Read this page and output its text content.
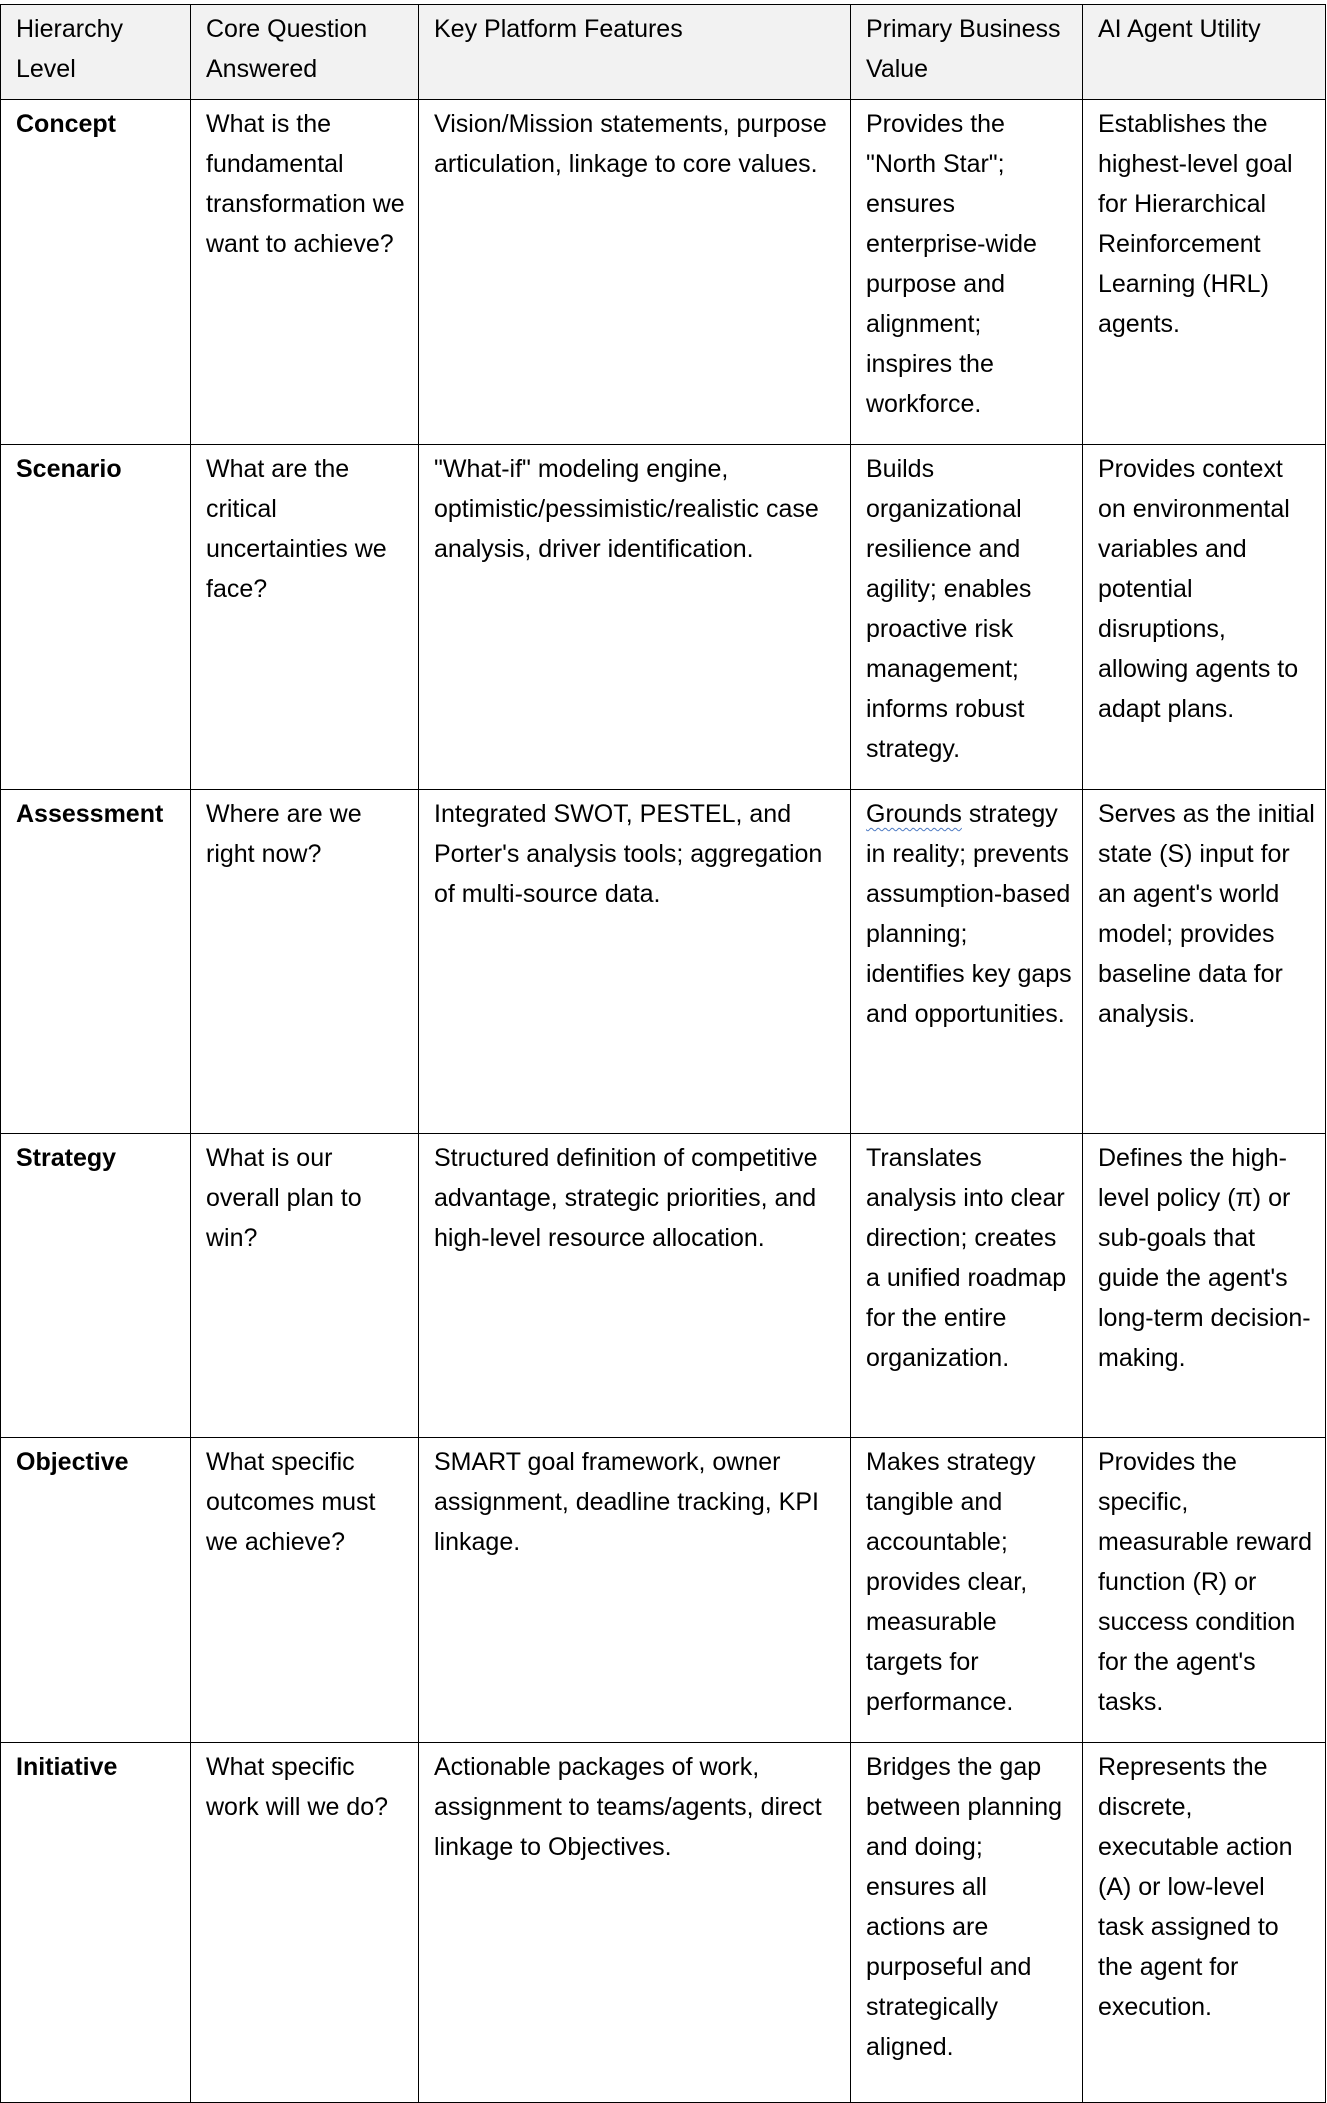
Hierarchy Level	Core Question Answered	Key Platform Features	Primary Business Value	AI Agent Utility
Concept	What is the fundamental transformation we want to achieve?	Vision/Mission statements, purpose articulation, linkage to core values.	Provides the "North Star"; ensures enterprise-wide purpose and alignment; inspires the workforce.	Establishes the highest-level goal for Hierarchical Reinforcement Learning (HRL) agents.
Scenario	What are the critical uncertainties we face?	"What-if" modeling engine, optimistic/pessimistic/realistic case analysis, driver identification.	Builds organizational resilience and agility; enables proactive risk management; informs robust strategy.	Provides context on environmental variables and potential disruptions, allowing agents to adapt plans.
Assessment	Where are we right now?	Integrated SWOT, PESTEL, and Porter's analysis tools; aggregation of multi-source data.	Grounds strategy in reality; prevents assumption-based planning; identifies key gaps and opportunities.	Serves as the initial state (S) input for an agent's world model; provides baseline data for analysis.
Strategy	What is our overall plan to win?	Structured definition of competitive advantage, strategic priorities, and high-level resource allocation.	Translates analysis into clear direction; creates a unified roadmap for the entire organization.	Defines the high-level policy (π) or sub-goals that guide the agent's long-term decision-making.
Objective	What specific outcomes must we achieve?	SMART goal framework, owner assignment, deadline tracking, KPI linkage.	Makes strategy tangible and accountable; provides clear, measurable targets for performance.	Provides the specific, measurable reward function (R) or success condition for the agent's tasks.
Initiative	What specific work will we do?	Actionable packages of work, assignment to teams/agents, direct linkage to Objectives.	Bridges the gap between planning and doing; ensures all actions are purposeful and strategically aligned.	Represents the discrete, executable action (A) or low-level task assigned to the agent for execution.
